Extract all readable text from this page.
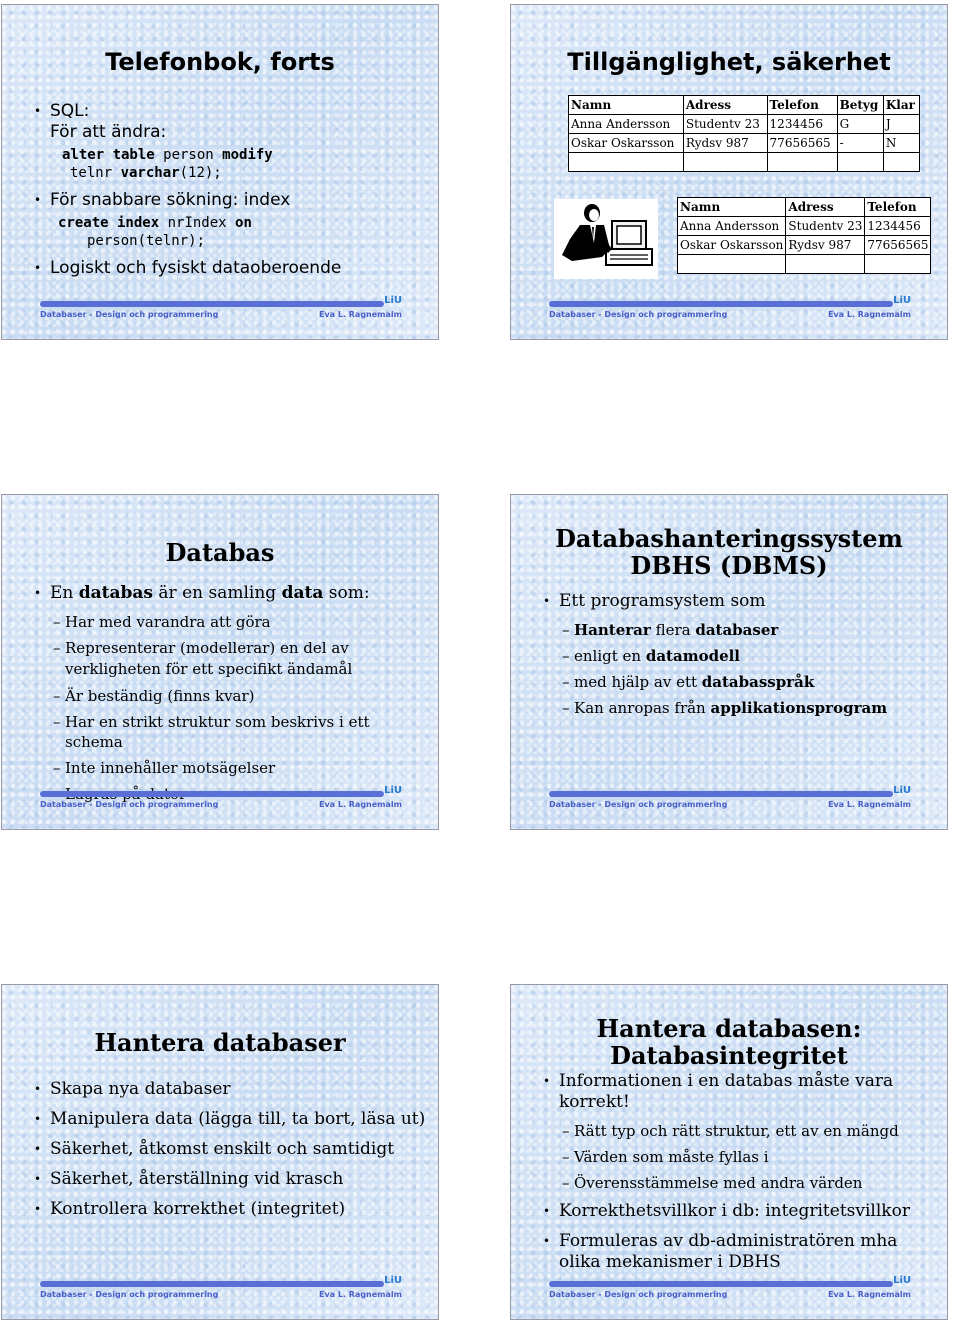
Telefonbok, forts
• SQL:
För att ändra:
alter table person modify
telnr varchar(12);
• För snabbare sökning: index
create index nrIndex on
person(telnr);
• Logiskt och fysiskt dataoberoende
LiU
Databaser - Design och programmering	Eva L. Ragnemalm
Tillgänglighet, säkerhet
Namn	Adress	Telefon	Betyg	Klar
Anna Andersson	Studentv 23	1234456	G	J
Oskar Oskarsson	Rydsv 987	77656565	-	N

Namn	Adress	Telefon
Anna Andersson	Studentv 23	1234456
Oskar Oskarsson	Rydsv 987	77656565

LiU
Databaser - Design och programmering	Eva L. Ragnemalm
Databas
• En databas är en samling data som:
– Har med varandra att göra
– Representerar (modellerar) en del av verkligheten för ett specifikt ändamål
– Är beständig (finns kvar)
– Har en strikt struktur som beskrivs i ett schema
– Inte innehåller motsägelser
–
LiU
Databaser - Design och programmering	Eva L. Ragnemalm
Databashanteringssystem
DBHS (DBMS)
• Ett programsystem som
– Hanterar flera databaser
– enligt en datamodell
– med hjälp av ett databasspråk
– Kan anropas från applikationsprogram
LiU
Databaser - Design och programmering	Eva L. Ragnemalm
Hantera databaser
• Skapa nya databaser
• Manipulera data (lägga till, ta bort, läsa ut)
• Säkerhet, åtkomst enskilt och samtidigt
• Säkerhet, återställning vid krasch
• Kontrollera korrekthet (integritet)
LiU
Databaser - Design och programmering	Eva L. Ragnemalm
Hantera databasen:
Databasintegritet
• Informationen i en databas måste vara korrekt!
– Rätt typ och rätt struktur, ett av en mängd
– Värden som måste fyllas i
– Överensstämmelse med andra värden
• Korrekthetsvillkor i db: integritetsvillkor
• Formuleras av db-administratören mha olika mekanismer i DBHS
LiU
Databaser - Design och programmering	Eva L. Ragnemalm
